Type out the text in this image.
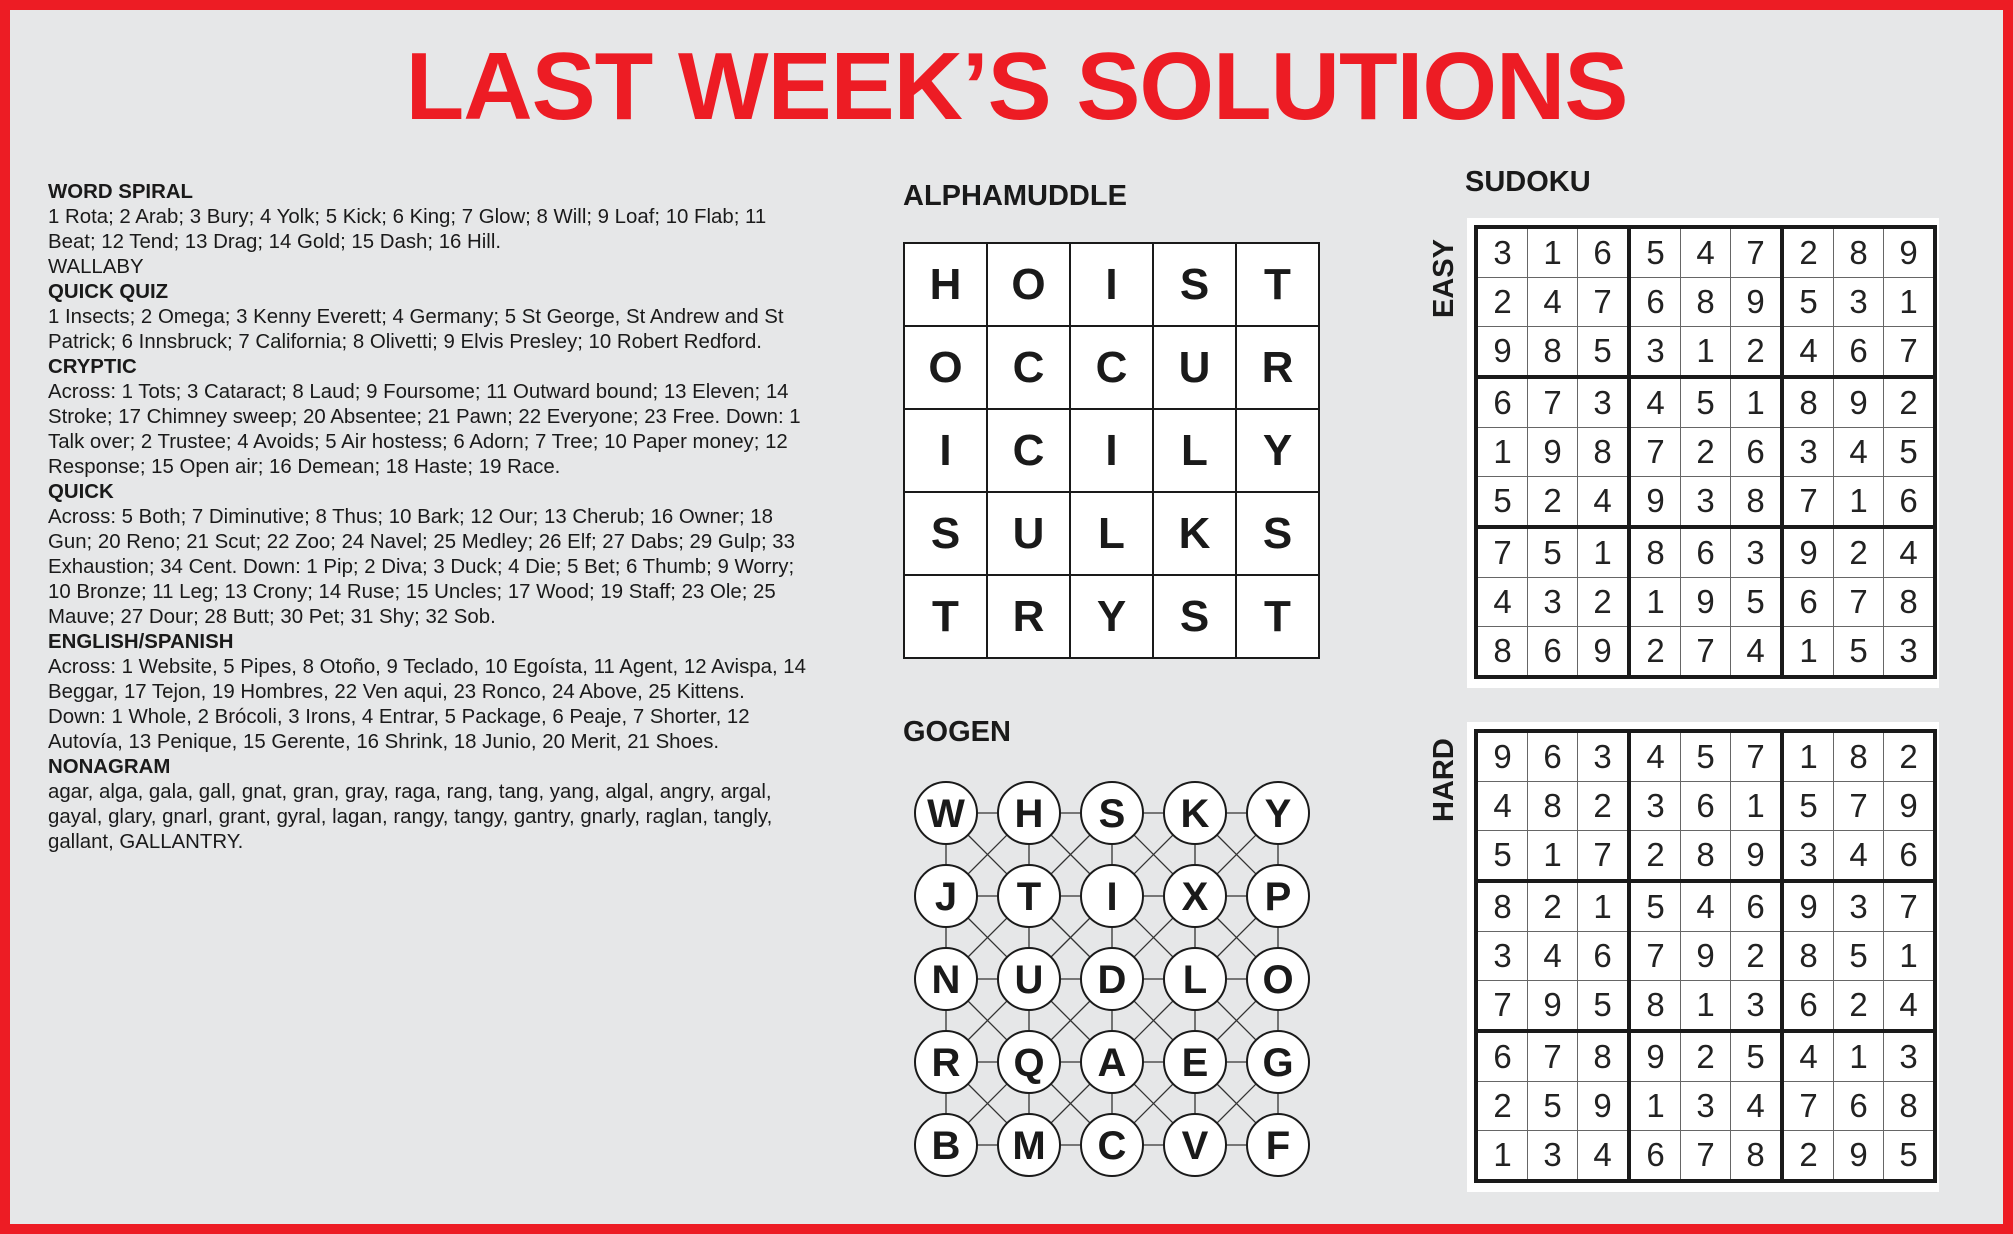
LAST WEEK’S SOLUTIONS
WORD SPIRAL
1 Rota; 2 Arab; 3 Bury; 4 Yolk; 5 Kick; 6 King; 7 Glow; 8 Will; 9 Loaf; 10 Flab; 11 Beat; 12 Tend; 13 Drag; 14 Gold; 15 Dash; 16 Hill.
WALLABY
QUICK QUIZ
1 Insects; 2 Omega; 3 Kenny Everett; 4 Germany; 5 St George, St Andrew and St Patrick; 6 Innsbruck; 7 California; 8 Olivetti; 9 Elvis Presley; 10 Robert Redford.
CRYPTIC
Across: 1 Tots; 3 Cataract; 8 Laud; 9 Foursome; 11 Outward bound; 13 Eleven; 14 Stroke; 17 Chimney sweep; 20 Absentee; 21 Pawn; 22 Everyone; 23 Free. Down: 1 Talk over; 2 Trustee; 4 Avoids; 5 Air hostess; 6 Adorn; 7 Tree; 10 Paper money; 12 Response; 15 Open air; 16 Demean; 18 Haste; 19 Race.
QUICK
Across: 5 Both; 7 Diminutive; 8 Thus; 10 Bark; 12 Our; 13 Cherub; 16 Owner; 18 Gun; 20 Reno; 21 Scut; 22 Zoo; 24 Navel; 25 Medley; 26 Elf; 27 Dabs; 29 Gulp; 33 Exhaustion; 34 Cent. Down: 1 Pip; 2 Diva; 3 Duck; 4 Die; 5 Bet; 6 Thumb; 9 Worry; 10 Bronze; 11 Leg; 13 Crony; 14 Ruse; 15 Uncles; 17 Wood; 19 Staff; 23 Ole; 25 Mauve; 27 Dour; 28 Butt; 30 Pet; 31 Shy; 32 Sob.
ENGLISH/SPANISH
Across: 1 Website, 5 Pipes, 8 Otoño, 9 Teclado, 10 Egoísta, 11 Agent, 12 Avispa, 14 Beggar, 17 Tejon, 19 Hombres, 22 Ven aqui, 23 Ronco, 24 Above, 25 Kittens. Down: 1 Whole, 2 Brócoli, 3 Irons, 4 Entrar, 5 Package, 6 Peaje, 7 Shorter, 12 Autovía, 13 Penique, 15 Gerente, 16 Shrink, 18 Junio, 20 Merit, 21 Shoes.
NONAGRAM
agar, alga, gala, gall, gnat, gran, gray, raga, rang, tang, yang, algal, angry, argal, gayal, glary, gnarl, grant, gyral, lagan, rangy, tangy, gantry, gnarly, raglan, tangly, gallant, GALLANTRY.
ALPHAMUDDLE
H	O	I	S	T
O	C	C	U	R
I	C	I	L	Y
S	U	L	K	S
T	R	Y	S	T
GOGEN
W H S K Y
J T I X P
N U D L O
R Q A E G
B M C V F
SUDOKU
EASY 3	1	6	5	4	7	2	8	9
2	4	7	6	8	9	5	3	1
9	8	5	3	1	2	4	6	7
6	7	3	4	5	1	8	9	2
1	9	8	7	2	6	3	4	5
5	2	4	9	3	8	7	1	6
7	5	1	8	6	3	9	2	4
4	3	2	1	9	5	6	7	8
8	6	9	2	7	4	1	5	3
HARD 9	6	3	4	5	7	1	8	2
4	8	2	3	6	1	5	7	9
5	1	7	2	8	9	3	4	6
8	2	1	5	4	6	9	3	7
3	4	6	7	9	2	8	5	1
7	9	5	8	1	3	6	2	4
6	7	8	9	2	5	4	1	3
2	5	9	1	3	4	7	6	8
1	3	4	6	7	8	2	9	5
